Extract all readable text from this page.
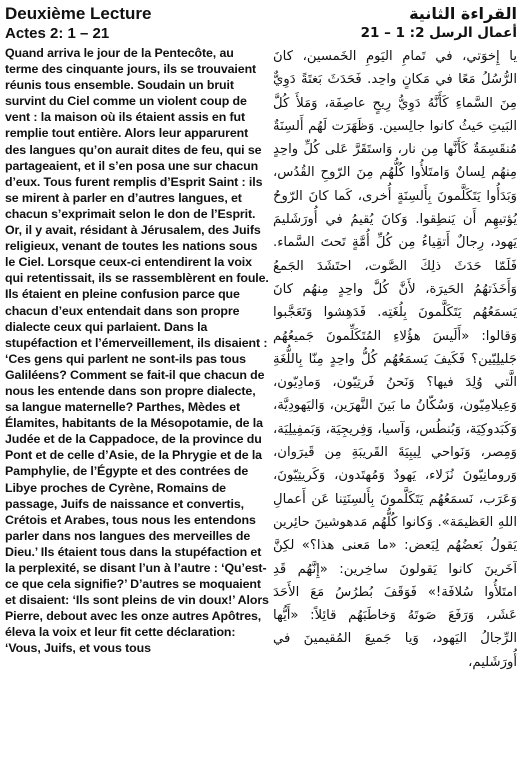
Deuxième Lecture
Actes 2: 1 – 21

Quand arriva le jour de la Pentecôte, au terme des cinquante jours, ils se trouvaient réunis tous ensemble. Soudain un bruit survint du Ciel comme un violent coup de vent : la maison où ils étaient assis en fut remplie tout entière. Alors leur apparurent des langues qu’on aurait dites de feu, qui se partageaient, et il s’en posa une sur chacun d’eux. Tous furent remplis d’Esprit Saint : ils se mirent à parler en d’autres langues, et chacun s’exprimait selon le don de l’Esprit. Or, il y avait, résidant à Jérusalem, des Juifs religieux, venant de toutes les nations sous le Ciel. Lorsque ceux-ci entendirent la voix qui retentissait, ils se rassemblèrent en foule. Ils étaient en pleine confusion parce que chacun d’eux entendait dans son propre dialecte ceux qui parlaient. Dans la stupéfaction et l’émerveillement, ils disaient : ‘Ces gens qui parlent ne sont-ils pas tous Galiléens? Comment se fait-il que chacun de nous les entende dans son propre dialecte, sa langue maternelle? Parthes, Mèdes et Élamites, habitants de la Mésopotamie, de la Judée et de la Cappadoce, de la province du Pont et de celle d’Asie, de la Phrygie et de la Pamphylie, de l’Égypte et des contrées de Libye proches de Cyrène, Romains de passage, Juifs de naissance et convertis, Crétois et Arabes, tous nous les entendons parler dans nos langues des merveilles de Dieu.’ Ils étaient tous dans la stupéfaction et la perplexité, se disant l’un à l’autre : ‘Qu’est-ce que cela signifie?’ D’autres se moquaient et disaient: ‘Ils sont pleins de vin doux!’ Alors Pierre, debout avec les onze autres Apôtres, éleva la voix et leur fit cette déclaration: ‘Vous, Juifs, et vous tous

القراءة الثانية
أعمال الرسل 2: 1 – 21

يا إِخوَتي، في تَمامِ اليَومِ الخَمسين، كانَ الرُّسُلُ مَعًا في مَكانٍ واحِد. فَحَدَثَ بَغتَةً دَوِيٌّ مِنَ السَّماءِ كَأَنَّهُ دَوِيُّ رِيحٍ عاصِفَة، وَمَلأَ كُلَّ البَيتِ حَيثُ كانوا جالِسين. وَظَهَرَت لَهُم أَلسِنَةٌ مُنقَسِمَةٌ كَأَنَّها مِن نار، وَاستَقَرَّ عَلى كُلِّ واحِدٍ مِنهُم لِسانٌ وَامتَلأُوا كُلُّهُم مِنَ الرّوحِ القُدُس، وَبَدَأُوا يَتَكَلَّمونَ بِأَلسِنَةٍ أُخرى، كَما كانَ الرّوحُ يُؤتيهِم أَن يَنطِقوا. وَكانَ يُقيمُ في أُورَشَليمَ يَهود، رِجالٌ أَتقِياءُ مِن كُلِّ أُمَّةٍ تَحتَ السَّماء. فَلَمّا حَدَثَ ذلِكَ الصَّوت، احتَشَدَ الجَمعُ وَأَخَذَتهُمُ الحَيرَة، لأَنَّ كُلَّ واحِدٍ مِنهُم كانَ يَسمَعُهُم يَتَكَلَّمونَ بِلُغَتِه. فَدَهِشوا وَتَعَجَّبوا وَقالوا: «أَلَيسَ هؤُلاءِ المُتَكَلِّمونَ جَميعُهُم جَليلِيّين؟ فَكَيفَ يَسمَعُهُم كُلُّ واحِدٍ مِنّا بِاللُّغَةِ الَّتي وُلِدَ فيها؟ وَنَحنُ فَرتِيّون، وَمادِيّون، وَعِيلامِيّون، وَسُكّانُ ما بَينَ النَّهرَين، وَاليَهودِيَّة، وَكَبَدوكِيَة، وَبُنطُس، وَآسيا، وَفِريجِيَة، وَبَمفِيلِيَة، وَمِصر، وَنَواحي لِيبِيَةَ القَريبَةِ مِن قَيرَوان، وَرومانِيّونَ نُزَلاء، يَهودٌ وَمُهتَدون، وَكَريتِيّونَ، وَعَرَب، نَسمَعُهُم يَتَكَلَّمونَ بِأَلسِنَتِنا عَن أَعمالِ اللهِ العَظيمَة». وَكانوا كُلُّهُم مَدهوشينَ حائِرين يَقولُ بَعضُهُم لِبَعض: «ما مَعنى هذا؟» لكِنَّ آخَرينَ كانوا يَقولونَ ساخِرين: «إِنَّهُم قَدِ امتَلأُوا سُلافَة!» فَوَقَفَ بُطرُسُ مَعَ الأَحَدَ عَشَر، وَرَفَعَ صَوتَهُ وَخاطَبَهُم قائِلاً: «أَيُّها الرِّجالُ اليَهود، وَيا جَميعَ المُقيمينَ في أُورَشَليم،
